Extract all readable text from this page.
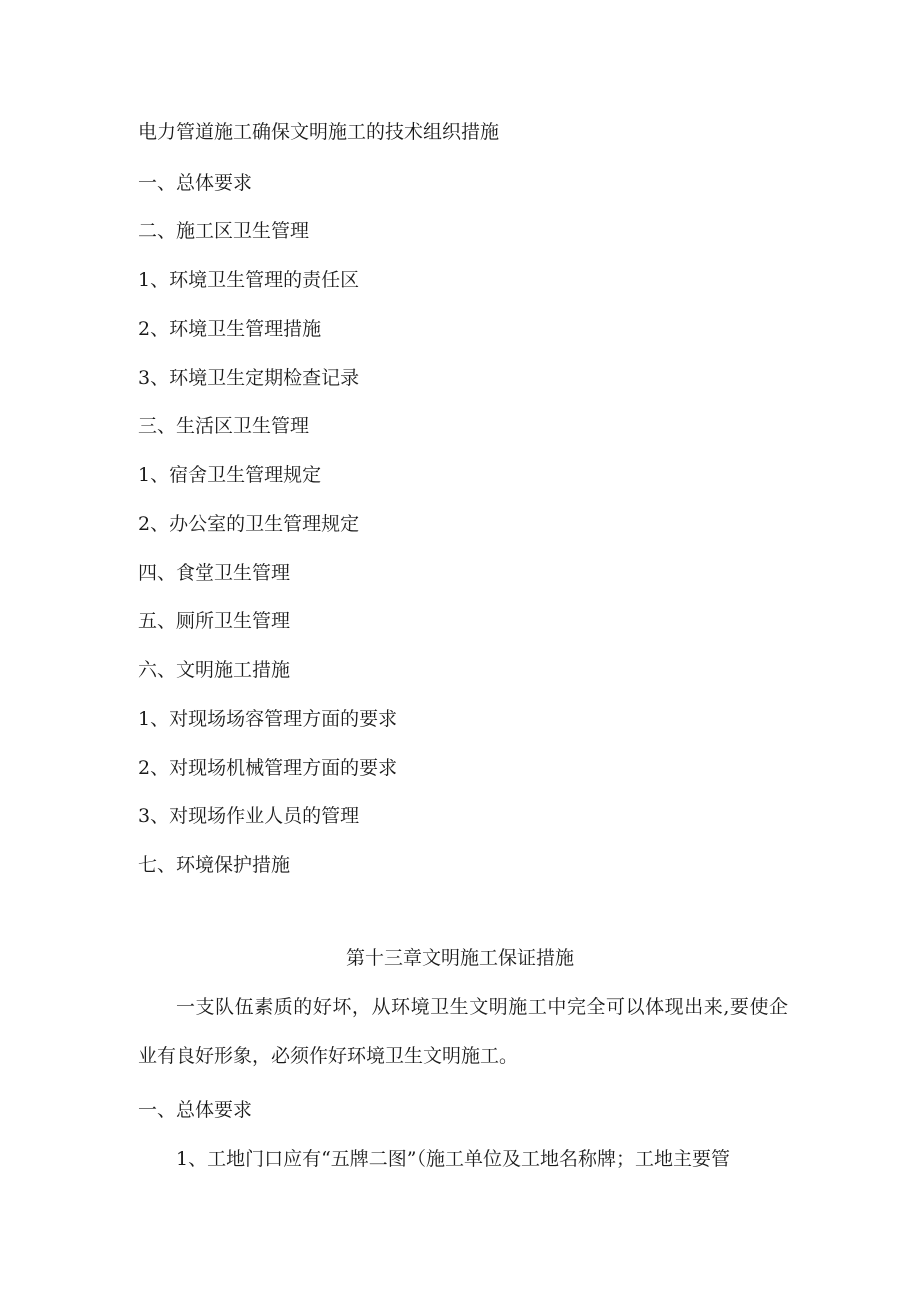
电力管道施工确保文明施工的技术组织措施

一、总体要求

二、施工区卫生管理

1、环境卫生管理的责任区

2、环境卫生管理措施

3、环境卫生定期检查记录

三、生活区卫生管理

1、宿舍卫生管理规定

2、办公室的卫生管理规定

四、食堂卫生管理

五、厕所卫生管理

六、文明施工措施

1、对现场场容管理方面的要求

2、对现场机械管理方面的要求

3、对现场作业人员的管理

七、环境保护措施

第十三章文明施工保证措施

一支队伍素质的好坏，从环境卫生文明施工中完全可以体现出来,要使企业有良好形象，必须作好环境卫生文明施工。

一、总体要求

1、工地门口应有“五牌二图”（施工单位及工地名称牌；工地主要管
